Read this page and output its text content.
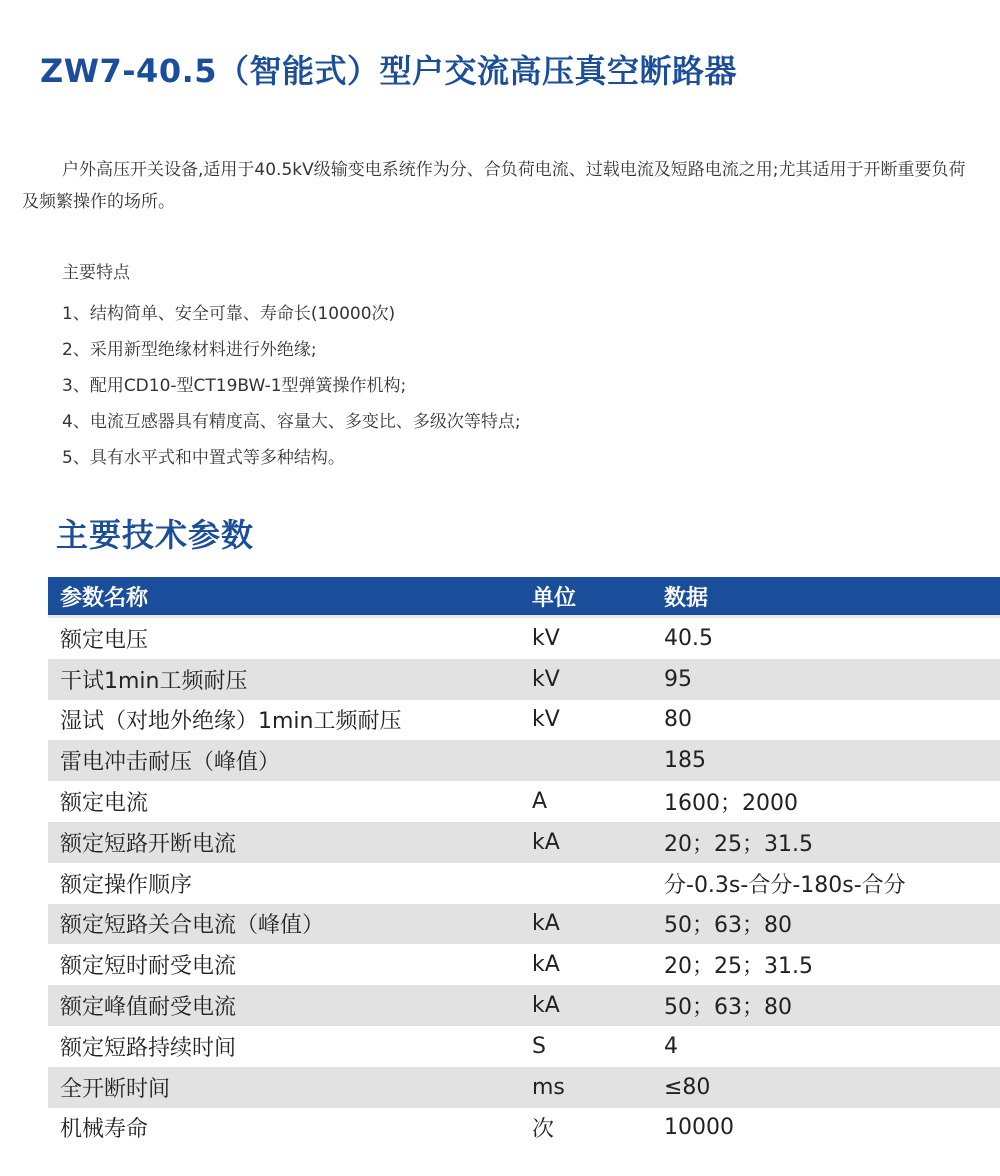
ZW7-40.5（智能式）型户交流高压真空断路器

户外高压开关设备,适用于40.5kV级输变电系统作为分、合负荷电流、过载电流及短路电流之用;尤其适用于开断重要负荷及频繁操作的场所。

主要特点
1、结构简单、安全可靠、寿命长(10000次)
2、采用新型绝缘材料进行外绝缘;
3、配用CD10-型CT19BW-1型弹簧操作机构;
4、电流互感器具有精度高、容量大、多变比、多级次等特点;
5、具有水平式和中置式等多种结构。
主要技术参数
参数名称	单位	数据
额定电压	kV	40.5
干试1min工频耐压	kV	95
湿试（对地外绝缘）1min工频耐压	kV	80
雷电冲击耐压（峰值）		185
额定电流	A	1600；2000
额定短路开断电流	kA	20；25；31.5
额定操作顺序		分-0.3s-合分-180s-合分
额定短路关合电流（峰值）	kA	50；63；80
额定短时耐受电流	kA	20；25；31.5
额定峰值耐受电流	kA	50；63；80
额定短路持续时间	S	4
全开断时间	ms	≤80
机械寿命	次	10000
